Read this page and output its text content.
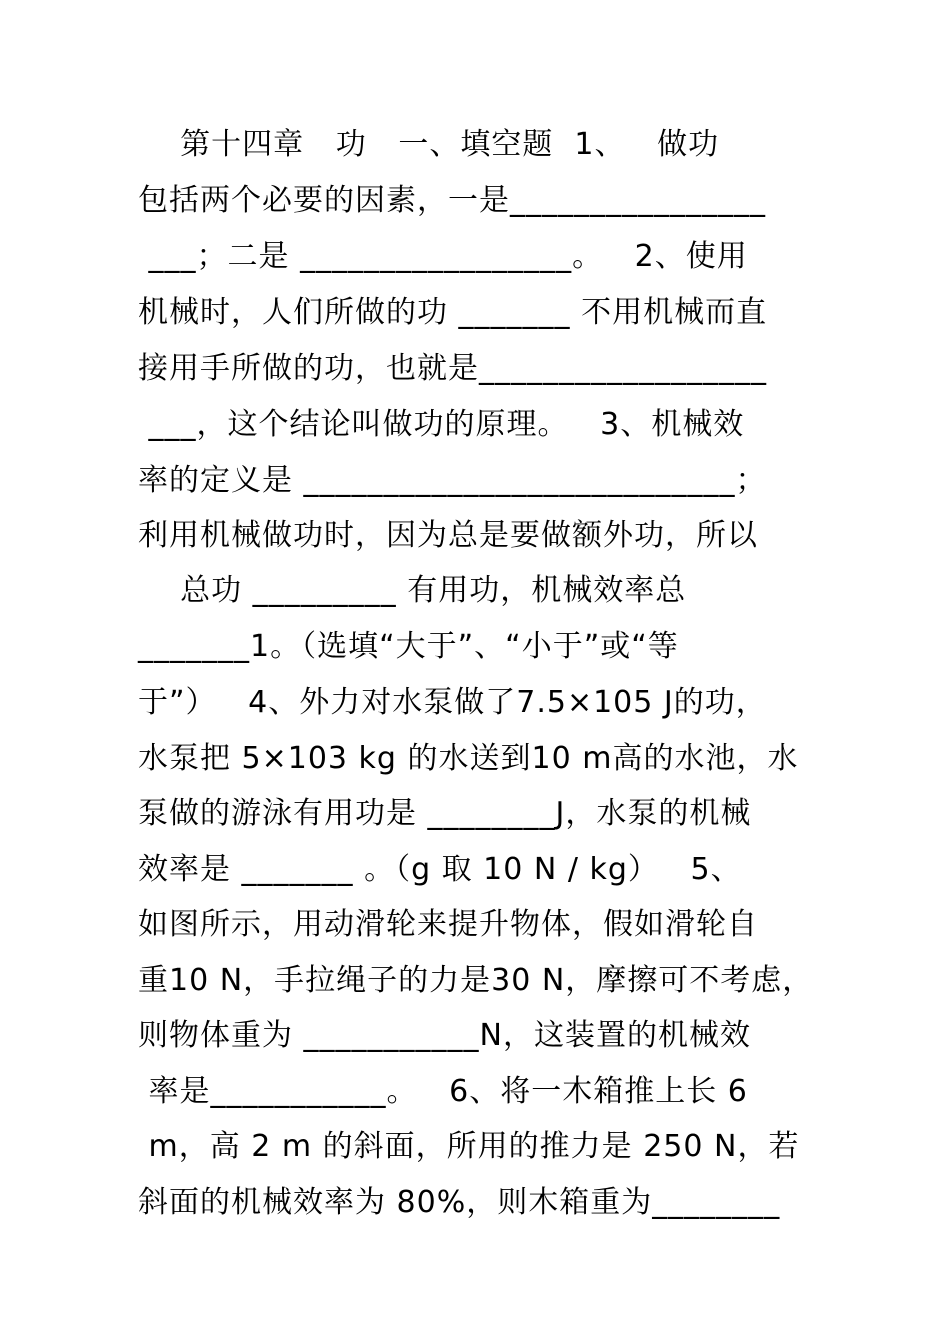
第十四章   功   一、填空题  1、   做功
包括两个必要的因素，一是________________
___；二是 _________________。   2、使用
机械时，人们所做的功 _______ 不用机械而直
接用手所做的功，也就是__________________
___，这个结论叫做功的原理。   3、机械效
率的定义是 ___________________________；
利用机械做功时，因为总是要做额外功，所以
总功 _________ 有用功，机械效率总
_______1。（选填“大于”、“小于”或“等
于”）   4、外力对水泵做了7.5×105 J的功，
水泵把 5×103 kg 的水送到10 m高的水池，水
泵做的游泳有用功是 ________J，水泵的机械
效率是 _______ 。（g 取 10 N / kg）   5、
如图所示，用动滑轮来提升物体，假如滑轮自
重10 N，手拉绳子的力是30 N，摩擦可不考虑，
则物体重为 ___________N，这装置的机械效
率是___________。   6、将一木箱推上长 6
m，高 2 m 的斜面，所用的推力是 250 N，若
斜面的机械效率为 80%，则木箱重为________
